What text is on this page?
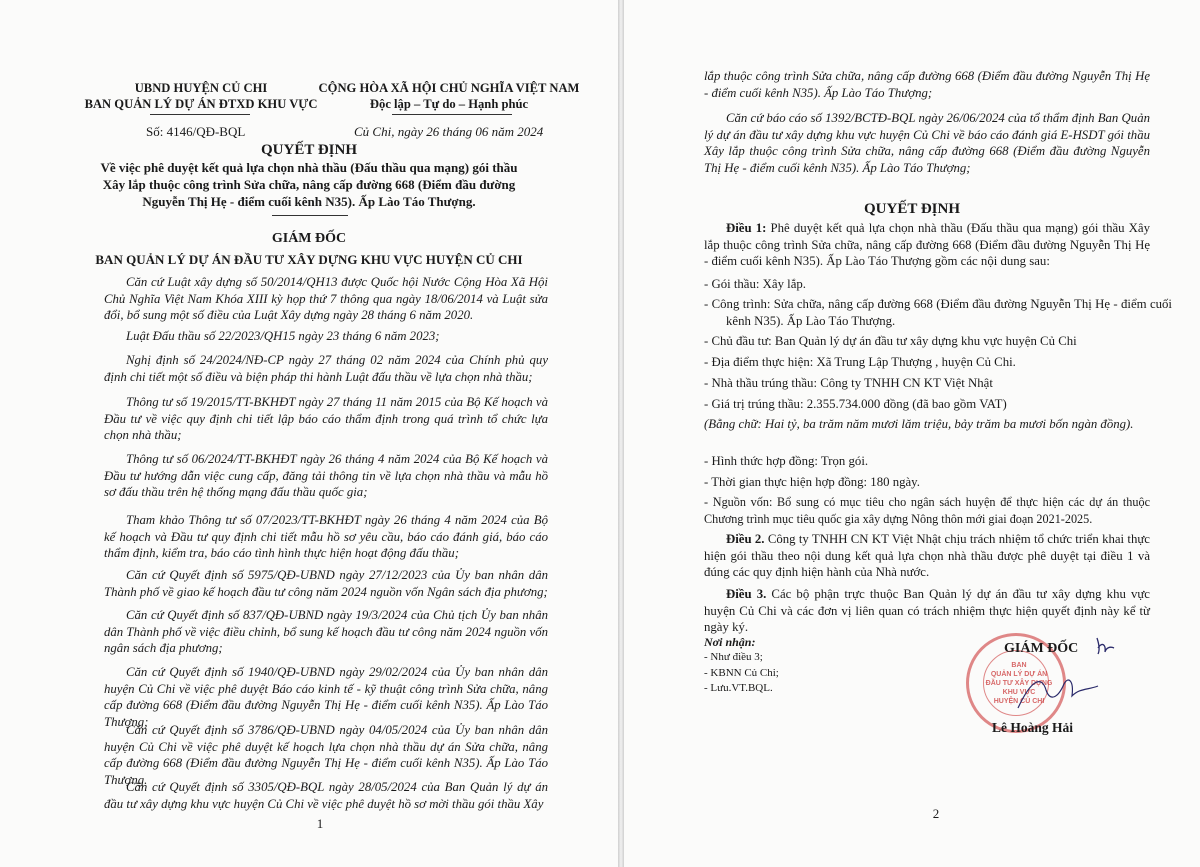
UBND HUYỆN CỦ CHI
BAN QUẢN LÝ DỰ ÁN ĐTXD KHU VỰC
CỘNG HÒA XÃ HỘI CHỦ NGHĨA VIỆT NAM
Độc lập – Tự do – Hạnh phúc
Số: 4146/QĐ-BQL	Củ Chi, ngày 26 tháng 06 năm 2024
QUYẾT ĐỊNH
Về việc phê duyệt kết quả lựa chọn nhà thầu (Đấu thầu qua mạng) gói thầu
Xây lắp thuộc công trình Sửa chữa, nâng cấp đường 668 (Điểm đầu đường
Nguyễn Thị Hẹ - điểm cuối kênh N35). Ấp Lào Táo Thượng.
GIÁM ĐỐC
BAN QUẢN LÝ DỰ ÁN ĐẦU TƯ XÂY DỰNG KHU VỰC HUYỆN CỦ CHI
Căn cứ Luật xây dựng số 50/2014/QH13 được Quốc hội Nước Cộng Hòa Xã Hội Chủ Nghĩa Việt Nam Khóa XIII kỳ họp thứ 7 thông qua ngày 18/06/2014 và Luật sửa đổi, bổ sung một số điều của Luật Xây dựng ngày 28 tháng 6 năm 2020.
Luật Đấu thầu số 22/2023/QH15 ngày 23 tháng 6 năm 2023;
Nghị định số 24/2024/NĐ-CP ngày 27 tháng 02 năm 2024 của Chính phủ quy định chi tiết một số điều và biện pháp thi hành Luật đấu thầu về lựa chọn nhà thầu;
Thông tư số 19/2015/TT-BKHĐT ngày 27 tháng 11 năm 2015 của Bộ Kế hoạch và Đầu tư về việc quy định chi tiết lập báo cáo thẩm định trong quá trình tổ chức lựa chọn nhà thầu;
Thông tư số 06/2024/TT-BKHĐT ngày 26 tháng 4 năm 2024 của Bộ Kế hoạch và Đầu tư hướng dẫn việc cung cấp, đăng tải thông tin về lựa chọn nhà thầu và mẫu hồ sơ đấu thầu trên hệ thống mạng đấu thầu quốc gia;
Tham khảo Thông tư số 07/2023/TT-BKHĐT ngày 26 tháng 4 năm 2024 của Bộ kế hoạch và Đầu tư quy định chi tiết mẫu hồ sơ yêu cầu, báo cáo đánh giá, báo cáo thẩm định, kiểm tra, báo cáo tình hình thực hiện hoạt động đấu thầu;
Căn cứ Quyết định số 5975/QĐ-UBND ngày 27/12/2023 của Ủy ban nhân dân Thành phố về giao kế hoạch đầu tư công năm 2024 nguồn vốn Ngân sách địa phương;
Căn cứ Quyết định số 837/QĐ-UBND ngày 19/3/2024 của Chủ tịch Ủy ban nhân dân Thành phố về việc điều chỉnh, bổ sung kế hoạch đầu tư công năm 2024 nguồn vốn ngân sách địa phương;
Căn cứ Quyết định số 1940/QĐ-UBND ngày 29/02/2024 của Ủy ban nhân dân huyện Củ Chi về việc phê duyệt Báo cáo kinh tế - kỹ thuật công trình Sửa chữa, nâng cấp đường 668 (Điểm đầu đường Nguyễn Thị Hẹ - điểm cuối kênh N35). Ấp Lào Táo Thượng;
Căn cứ Quyết định số 3786/QĐ-UBND ngày 04/05/2024 của Ủy ban nhân dân huyện Củ Chi về việc phê duyệt kế hoạch lựa chọn nhà thầu dự án Sửa chữa, nâng cấp đường 668 (Điểm đầu đường Nguyễn Thị Hẹ - điểm cuối kênh N35). Ấp Lào Táo Thượng.
Căn cứ Quyết định số 3305/QĐ-BQL ngày 28/05/2024 của Ban Quản lý dự án đầu tư xây dựng khu vực huyện Củ Chi về việc phê duyệt hồ sơ mời thầu gói thầu Xây
1
lắp thuộc công trình Sửa chữa, nâng cấp đường 668 (Điểm đầu đường Nguyễn Thị Hẹ - điểm cuối kênh N35). Ấp Lào Táo Thượng;
Căn cứ báo cáo số 1392/BCTĐ-BQL ngày 26/06/2024 của tổ thẩm định Ban Quản lý dự án đầu tư xây dựng khu vực huyện Củ Chi về báo cáo đánh giá E-HSDT gói thầu Xây lắp thuộc công trình Sửa chữa, nâng cấp đường 668 (Điểm đầu đường Nguyễn Thị Hẹ - điểm cuối kênh N35). Ấp Lào Táo Thượng;
QUYẾT ĐỊNH
Điều 1: Phê duyệt kết quả lựa chọn nhà thầu (Đấu thầu qua mạng) gói thầu Xây lắp thuộc công trình Sửa chữa, nâng cấp đường 668 (Điểm đầu đường Nguyễn Thị Hẹ - điểm cuối kênh N35). Ấp Lào Táo Thượng gồm các nội dung sau:
- Gói thầu: Xây lắp.
- Công trình: Sửa chữa, nâng cấp đường 668 (Điểm đầu đường Nguyễn Thị Hẹ - điểm cuối kênh N35). Ấp Lào Táo Thượng.
- Chủ đầu tư: Ban Quản lý dự án đầu tư xây dựng khu vực huyện Củ Chi
- Địa điểm thực hiện: Xã Trung Lập Thượng , huyện Củ Chi.
- Nhà thầu trúng thầu: Công ty TNHH CN KT Việt Nhật
- Giá trị trúng thầu: 2.355.734.000 đồng (đã bao gồm VAT)
(Bằng chữ: Hai tỷ, ba trăm năm mươi lăm triệu, bảy trăm ba mươi bốn ngàn đồng).
- Hình thức hợp đồng: Trọn gói.
- Thời gian thực hiện hợp đồng: 180 ngày.
- Nguồn vốn: Bổ sung có mục tiêu cho ngân sách huyện để thực hiện các dự án thuộc Chương trình mục tiêu quốc gia xây dựng Nông thôn mới giai đoạn 2021-2025.
Điều 2. Công ty TNHH CN KT Việt Nhật chịu trách nhiệm tổ chức triển khai thực hiện gói thầu theo nội dung kết quả lựa chọn nhà thầu được phê duyệt tại điều 1 và đúng các quy định hiện hành của Nhà nước.
Điều 3. Các bộ phận trực thuộc Ban Quản lý dự án đầu tư xây dựng khu vực huyện Củ Chi và các đơn vị liên quan có trách nhiệm thực hiện quyết định này kể từ ngày ký.
Nơi nhận:
- Như điều 3;
- KBNN Củ Chi;
- Lưu.VT.BQL.
BAN
QUẢN LÝ DỰ ÁN
ĐẦU TƯ XÂY DỰNG
KHU VỰC
HUYỆN CỦ CHI
GIÁM ĐỐC
Lê Hoàng Hải
2
